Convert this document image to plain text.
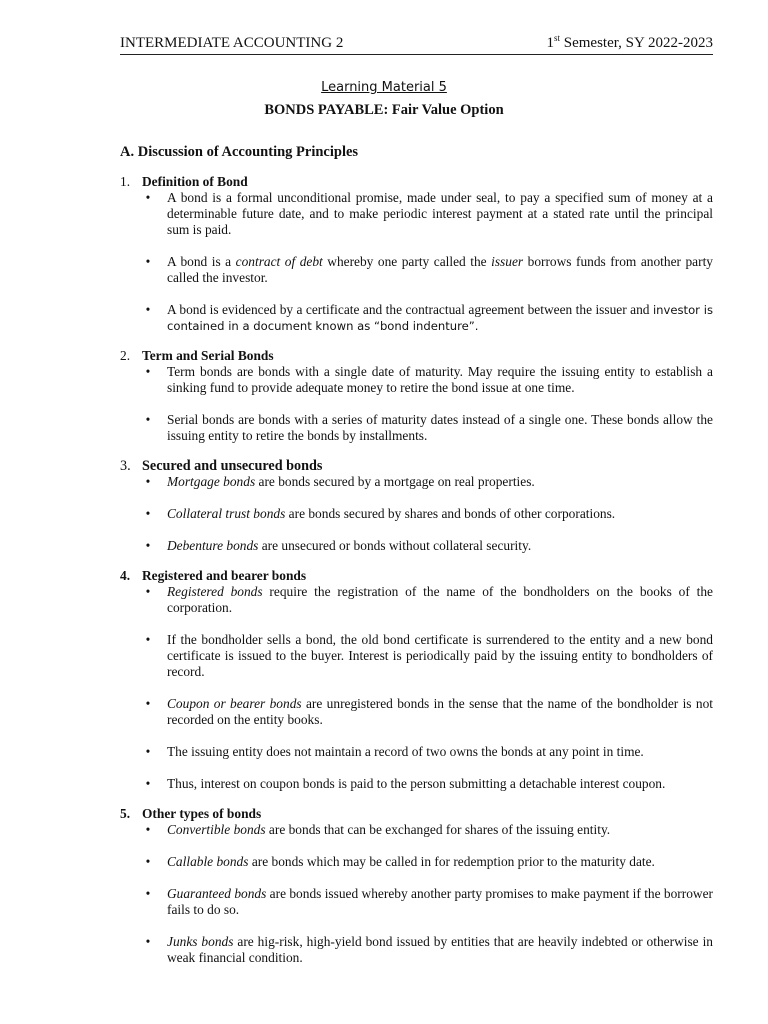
INTERMEDIATE ACCOUNTING 2	1st Semester, SY 2022-2023
Learning Material 5
BONDS PAYABLE: Fair Value Option
A. Discussion of Accounting Principles
1. Definition of Bond
• A bond is a formal unconditional promise, made under seal, to pay a specified sum of money at a determinable future date, and to make periodic interest payment at a stated rate until the principal sum is paid.
• A bond is a contract of debt whereby one party called the issuer borrows funds from another party called the investor.
• A bond is evidenced by a certificate and the contractual agreement between the issuer and investor is contained in a document known as “bond indenture”.
2. Term and Serial Bonds
• Term bonds are bonds with a single date of maturity. May require the issuing entity to establish a sinking fund to provide adequate money to retire the bond issue at one time.
• Serial bonds are bonds with a series of maturity dates instead of a single one. These bonds allow the issuing entity to retire the bonds by installments.
3. Secured and unsecured bonds
• Mortgage bonds are bonds secured by a mortgage on real properties.
• Collateral trust bonds are bonds secured by shares and bonds of other corporations.
• Debenture bonds are unsecured or bonds without collateral security.
4. Registered and bearer bonds
• Registered bonds require the registration of the name of the bondholders on the books of the corporation.
• If the bondholder sells a bond, the old bond certificate is surrendered to the entity and a new bond certificate is issued to the buyer. Interest is periodically paid by the issuing entity to bondholders of record.
• Coupon or bearer bonds are unregistered bonds in the sense that the name of the bondholder is not recorded on the entity books.
• The issuing entity does not maintain a record of two owns the bonds at any point in time.
• Thus, interest on coupon bonds is paid to the person submitting a detachable interest coupon.
5. Other types of bonds
• Convertible bonds are bonds that can be exchanged for shares of the issuing entity.
• Callable bonds are bonds which may be called in for redemption prior to the maturity date.
• Guaranteed bonds are bonds issued whereby another party promises to make payment if the borrower fails to do so.
• Junks bonds are hig-risk, high-yield bond issued by entities that are heavily indebted or otherwise in weak financial condition.
